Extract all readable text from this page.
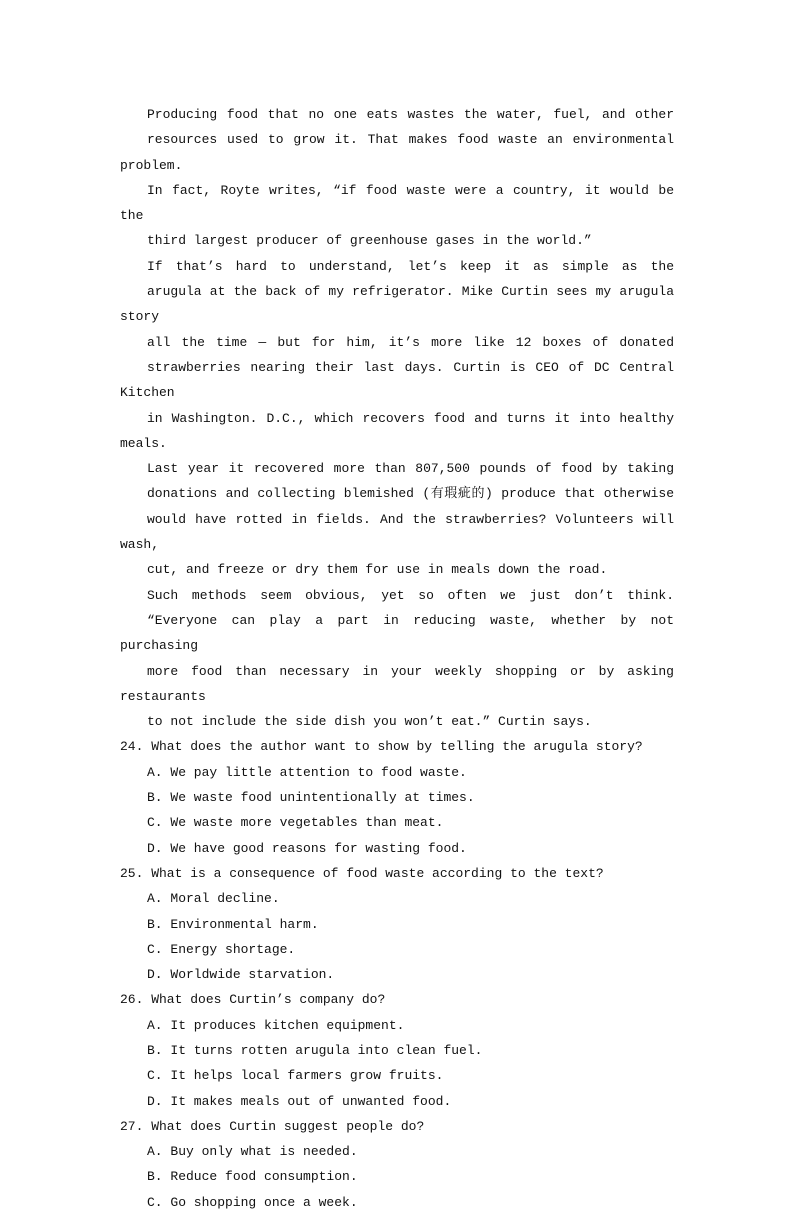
Producing food that no one eats wastes the water, fuel, and other
resources used to grow it. That makes food waste an environmental problem.
In fact, Royte writes, “if food waste were a country, it would be the
third largest producer of greenhouse gases in the world.”
If that’s hard to understand, let’s keep it as simple as the
arugula at the back of my refrigerator. Mike Curtin sees my arugula story
all the time — but for him, it’s more like 12 boxes of donated
strawberries nearing their last days. Curtin is CEO of DC Central Kitchen
in Washington. D.C., which recovers food and turns it into healthy meals.
Last year it recovered more than 807,500 pounds of food by taking
donations and collecting blemished (有瑕疵的) produce that otherwise
would have rotted in fields. And the strawberries? Volunteers will wash,
cut, and freeze or dry them for use in meals down the road.
Such methods seem obvious, yet so often we just don’t think.
“Everyone can play a part in reducing waste, whether by not purchasing
more food than necessary in your weekly shopping or by asking restaurants
to not include the side dish you won’t eat.” Curtin says.

24. What does the author want to show by telling the arugula story?

A. We pay little attention to food waste.

B. We waste food unintentionally at times.

C. We waste more vegetables than meat.

D. We have good reasons for wasting food.

25. What is a consequence of food waste according to the text?

A. Moral decline.

B. Environmental harm.

C. Energy shortage.

D. Worldwide starvation.

26. What does Curtin’s company do?

A. It produces kitchen equipment.

B. It turns rotten arugula into clean fuel.

C. It helps local farmers grow fruits.

D. It makes meals out of unwanted food.

27. What does Curtin suggest people do?

A. Buy only what is needed.

B. Reduce food consumption.

C. Go shopping once a week.
